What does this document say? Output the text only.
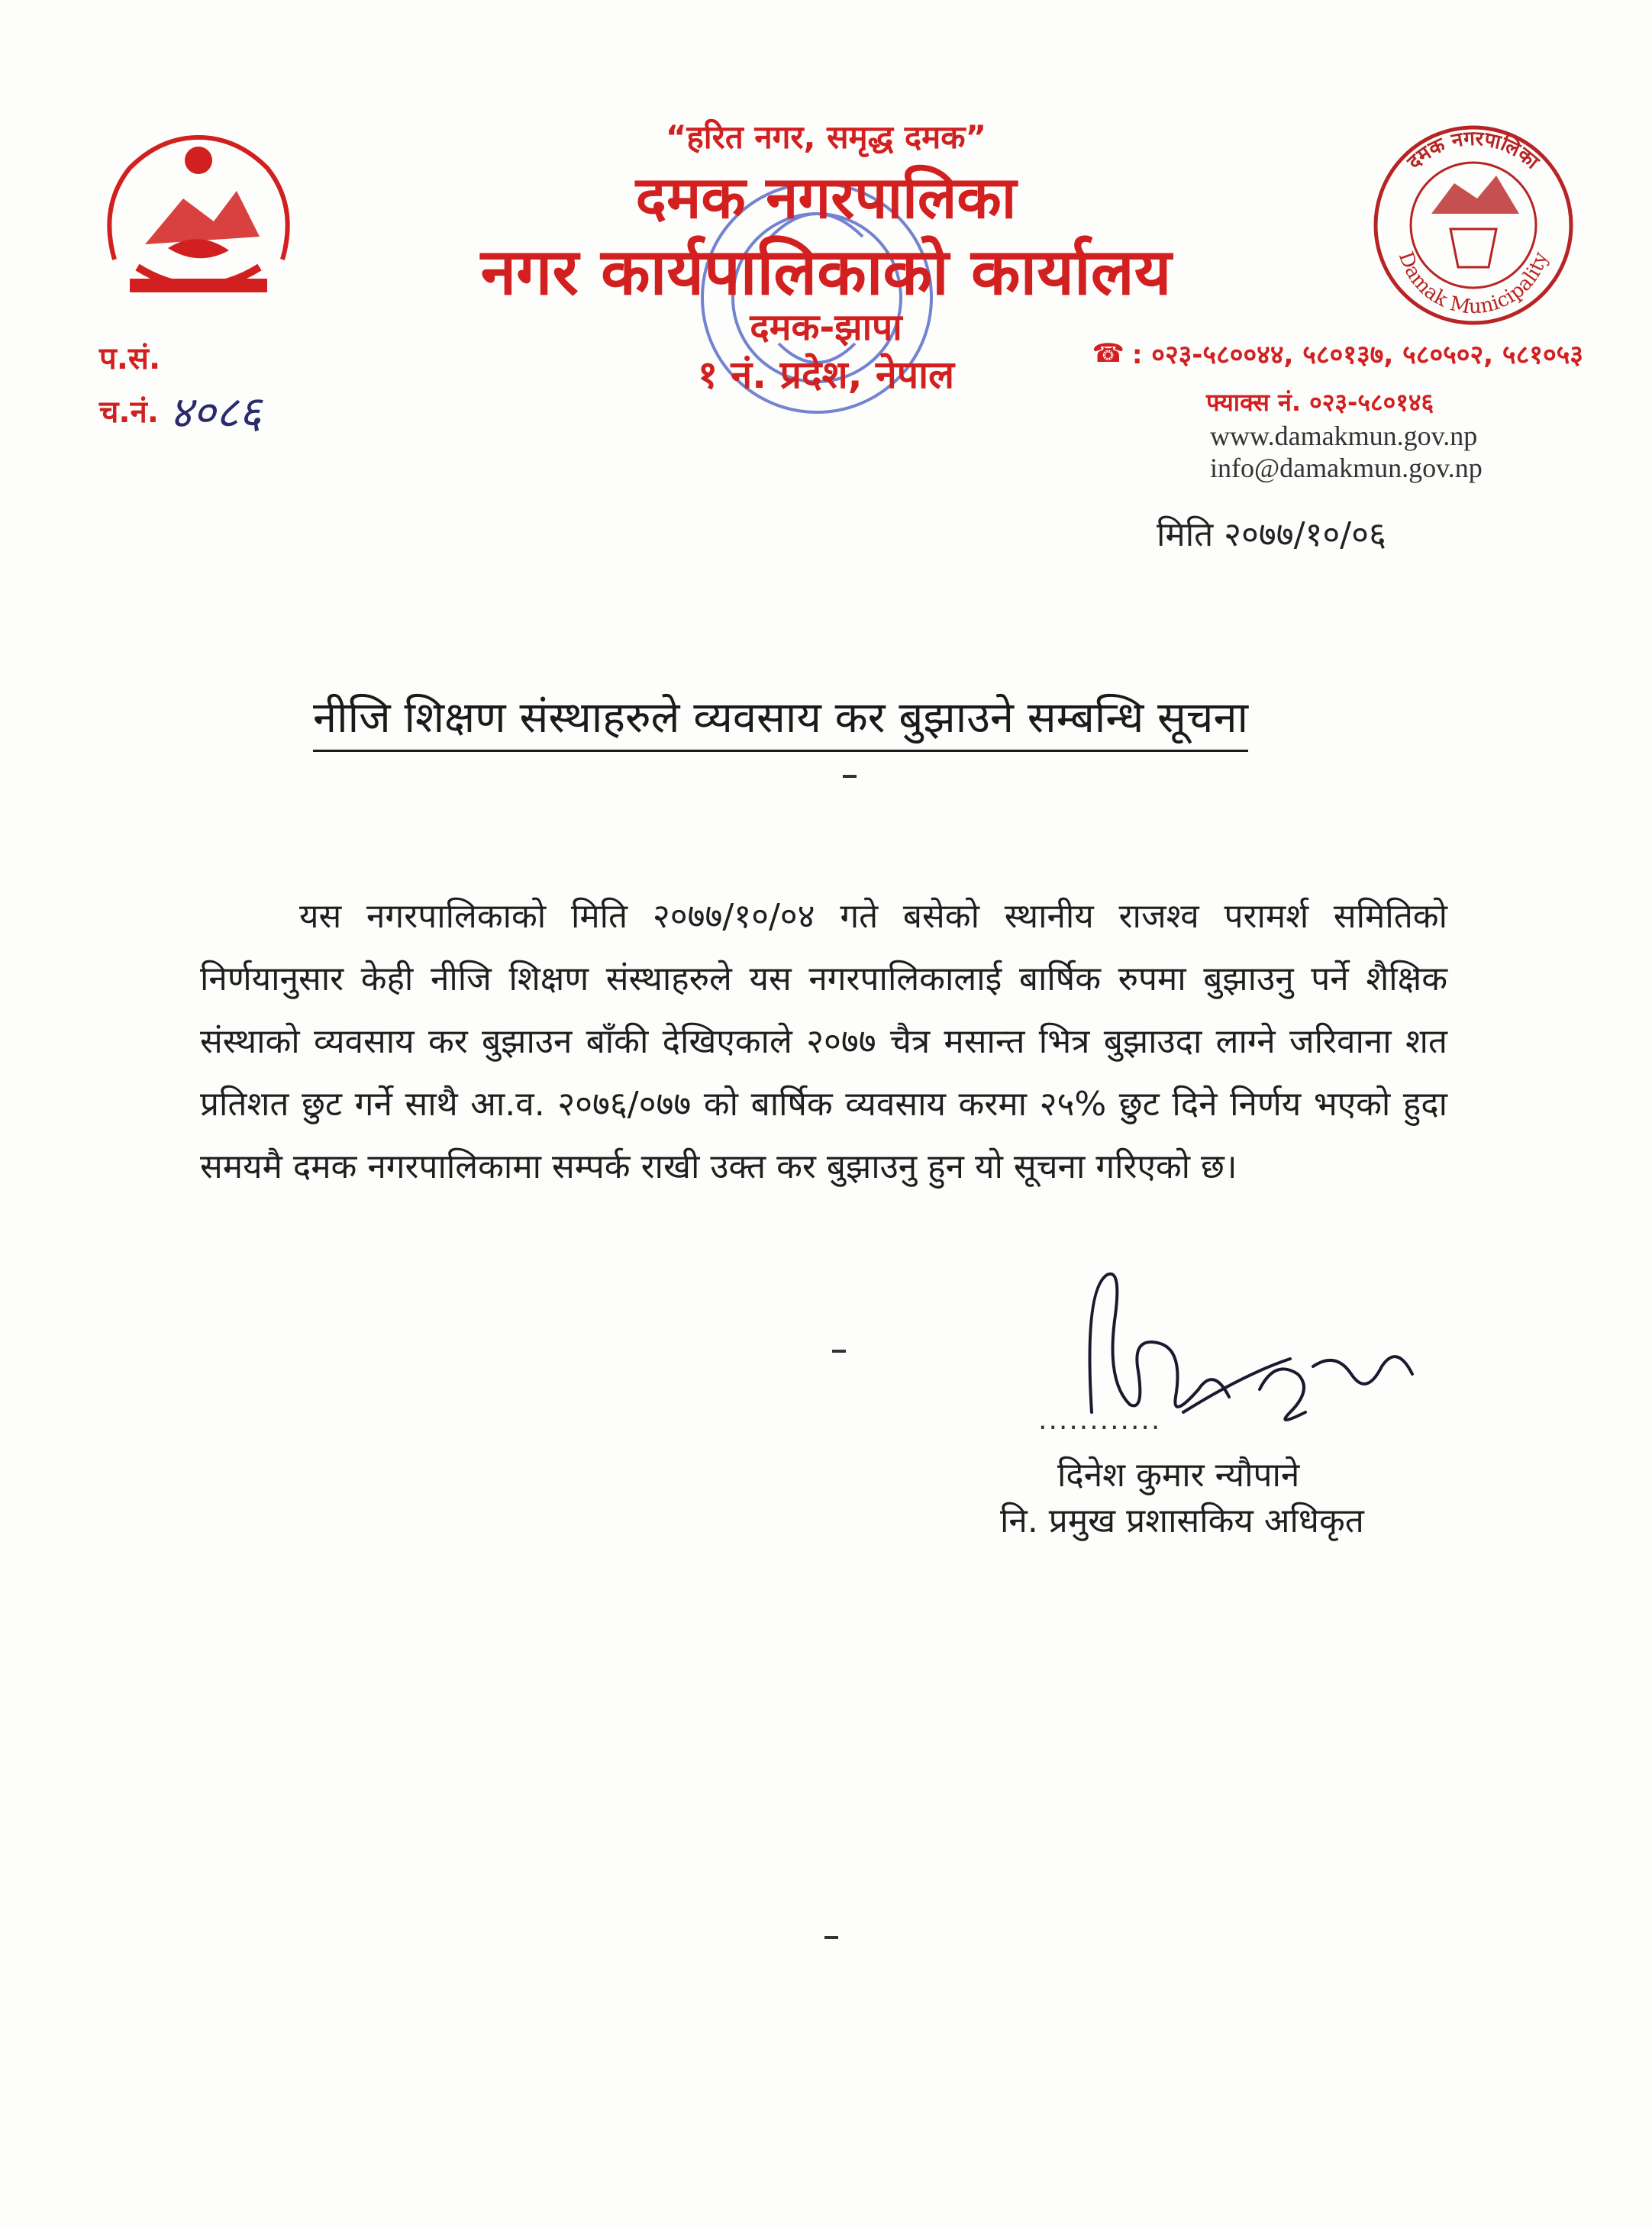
दमक नगरपालिका
Damak Municipality
“हरित नगर, समृद्ध दमक”
दमक नगरपालिका
नगर कार्यपालिकाको कार्यालय
दमक-झापा
१ नं. प्रदेश, नेपाल
प.सं.
च.नं. ४०८६
☎ : ०२३-५८००४४, ५८०१३७, ५८०५०२, ५८१०५३
फ्याक्स नं. ०२३-५८०१४६
www.damakmun.gov.np
info@damakmun.gov.np
मिति २०७७/१०/०६
नीजि शिक्षण संस्थाहरुले व्यवसाय कर बुझाउने सम्बन्धि सूचना
यस नगरपालिकाको मिति २०७७/१०/०४ गते बसेको स्थानीय राजश्व परामर्श समितिको निर्णयानुसार केही नीजि शिक्षण संस्थाहरुले यस नगरपालिकालाई बार्षिक रुपमा बुझाउनु पर्ने शैक्षिक संस्थाको व्यवसाय कर बुझाउन बाँकी देखिएकाले २०७७ चैत्र मसान्त भित्र बुझाउदा लाग्ने जरिवाना शत प्रतिशत छुट गर्ने साथै आ.व. २०७६/०७७ को बार्षिक व्यवसाय करमा २५% छुट दिने निर्णय भएको हुदा समयमै दमक नगरपालिकामा सम्पर्क राखी उक्त कर बुझाउनु हुन यो सूचना गरिएको छ।
............
दिनेश कुमार न्यौपाने
नि. प्रमुख प्रशासकिय अधिकृत
